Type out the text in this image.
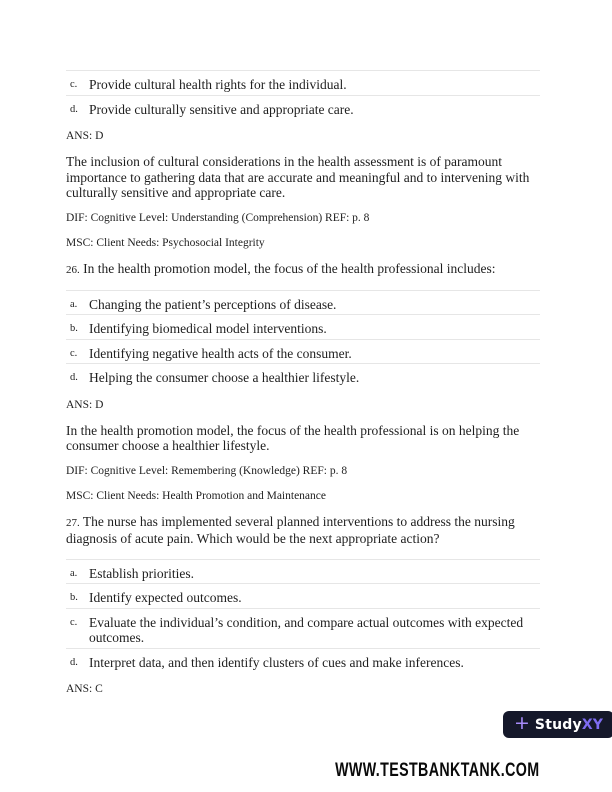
c.	Provide cultural health rights for the individual.
d.	Provide culturally sensitive and appropriate care.

ANS: D

The inclusion of cultural considerations in the health assessment is of paramount importance to gathering data that are accurate and meaningful and to intervening with culturally sensitive and appropriate care.

DIF: Cognitive Level: Understanding (Comprehension) REF: p. 8

MSC: Client Needs: Psychosocial Integrity

26. In the health promotion model, the focus of the health professional includes:

a.	Changing the patient’s perceptions of disease.
b.	Identifying biomedical model interventions.
c.	Identifying negative health acts of the consumer.
d.	Helping the consumer choose a healthier lifestyle.

ANS: D

In the health promotion model, the focus of the health professional is on helping the consumer choose a healthier lifestyle.

DIF: Cognitive Level: Remembering (Knowledge) REF: p. 8

MSC: Client Needs: Health Promotion and Maintenance

27. The nurse has implemented several planned interventions to address the nursing diagnosis of acute pain. Which would be the next appropriate action?

a.	Establish priorities.
b.	Identify expected outcomes.
c.	Evaluate the individual’s condition, and compare actual outcomes with expected outcomes.
d.	Interpret data, and then identify clusters of cues and make inferences.

ANS: C

+ Study XY
WWW.TESTBANKTANK.COM
